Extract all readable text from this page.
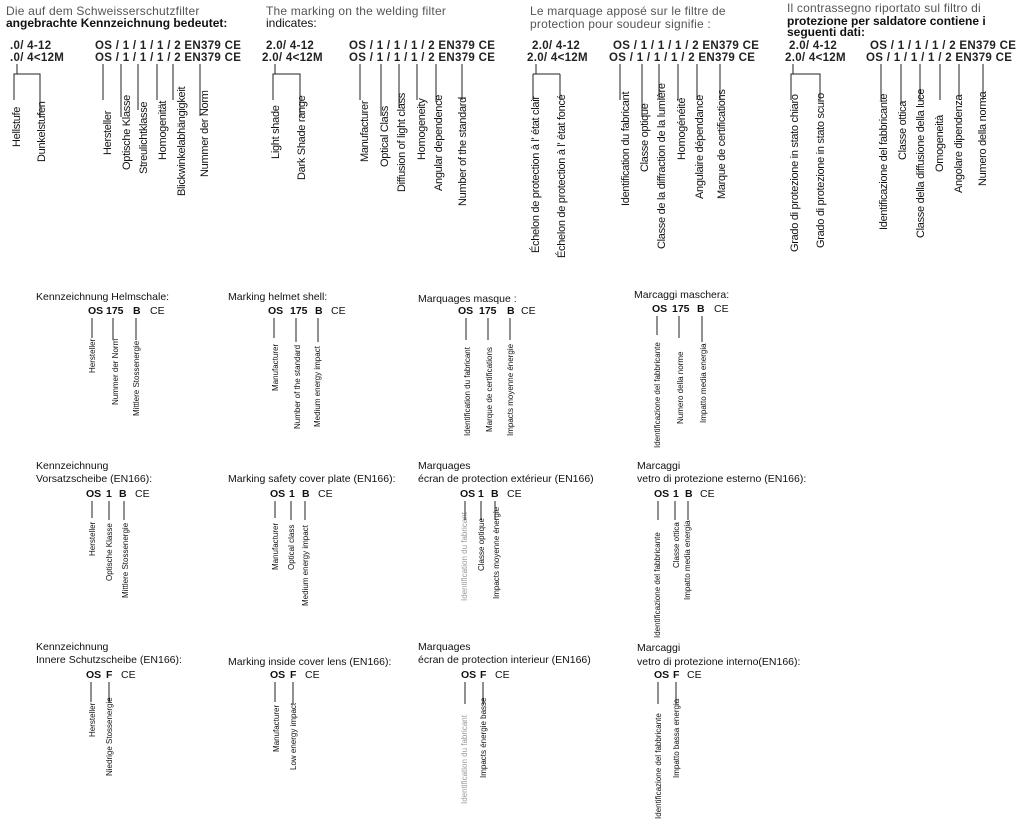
Die auf dem Schweisserschutzfilter
angebrachte Kennzeichnung bedeutet:
The marking on the welding filter
indicates:
Le marquage apposé sur le filtre de
protection pour soudeur signifie :
Il contrassegno riportato sul filtro di
protezione per saldatore contiene i
seguenti dati:
.0/ 4-12
.0/ 4<12M
OS / 1 / 1 / 1 / 2 EN379 CE
OS / 1 / 1 / 1 / 2 EN379 CE
2.0/ 4-12
2.0/ 4<12M
OS / 1 / 1 / 1 / 2 EN379 CE
OS / 1 / 1 / 1 / 2 EN379 CE
2.0/ 4-12
2.0/ 4<12M
OS / 1 / 1 / 1 / 2 EN379 CE
OS / 1 / 1 / 1 / 2 EN379 CE
2.0/ 4-12
2.0/ 4<12M
OS / 1 / 1 / 1 / 2 EN379 CE
OS / 1 / 1 / 1 / 2 EN379 CE
Hellstufe Dunkelstufen	Hersteller Optische Klasse Streulichtklasse Homogenität Blickwinkelabhängigkeit Nummer der Norm	Light shade Dark Shade range	Manufacturer Optical Class Diffusion of light class Homogeneity Angular dependence Number of the standard	Échelon de protection à l' état clair Échelon de protection à l' état foncé	Identification du fabricant Classe optique Classe de la diffraction de la lumière Homogénéité Angulaire dépendance Marque de certifications	Grado di protezione in stato chiaro Grado di protezione in stato scuro	Identificazione del fabbricante Classe ottica Classe della diffusione della luce Omogeneità Angolare dipendenza Numero della norma
Kennzeichnung Helmschale:
OS 175 B CE
Hersteller Nummer der Norm Mittlere Stossenergie
Marking helmet shell:
OS 175 B CE
Manufacturer Number of the standard Medium energy impact
Marquages masque :
OS 175 B CE
Identification du fabricant Marque de certifications Impacts moyenne énergie
Marcaggi maschera:
OS 175 B CE
Identificazione del fabbricante Numero della norme Impatto media energia
Kennzeichnung
Vorsatzscheibe (EN166):
OS 1 B CE
Hersteller Optische Klasse Mittlere Stossenergie
Marking safety cover plate (EN166):
OS 1 B CE
Manufacturer Optical class Medium energy impact
Marquages
écran de protection extérieur (EN166)
OS 1 B CE
Identification du fabricant Classe optique Impacts moyenne énergie
Marcaggi
vetro di protezione esterno (EN166):
OS 1 B CE
Identificazione del fabbricante Classe ottica Impatto media energia
Kennzeichnung
Innere Schutzscheibe (EN166):
OS F CE
Hersteller Niedrige Stossenergie
Marking inside cover lens (EN166):
OS F CE
Manufacturer Low energy impact
Marquages
écran de protection interieur (EN166)
OS F CE
Identification du fabricant Impacts énergie basse
Marcaggi
vetro di protezione interno(EN166):
OS F CE
Identificazione del fabbricante Impatto bassa energia
